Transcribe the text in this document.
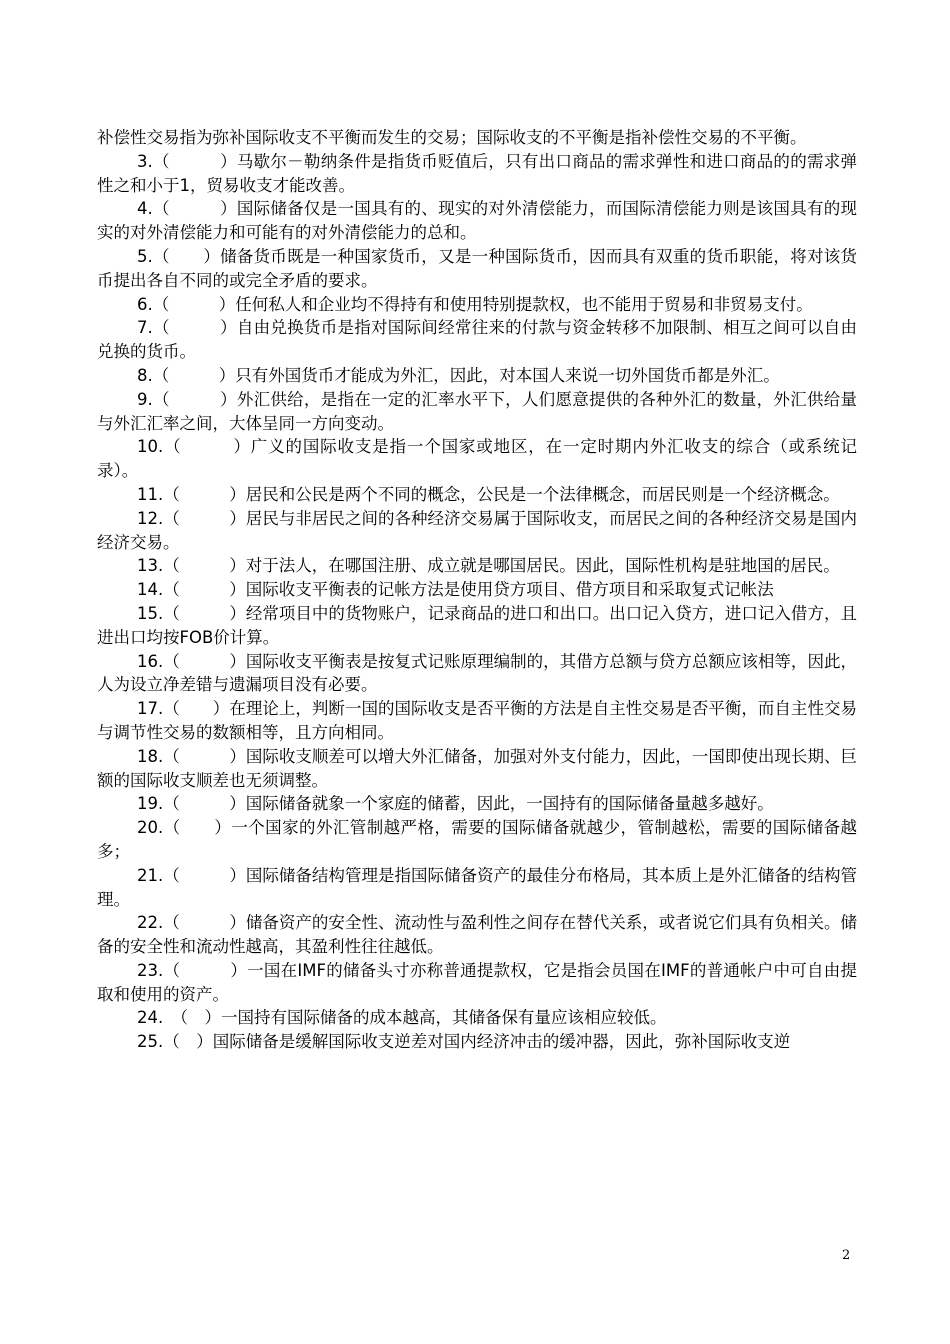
补偿性交易指为弥补国际收支不平衡而发生的交易；国际收支的不平衡是指补偿性交易的不平衡。

3.（　　　）马歇尔－勒纳条件是指货币贬值后，只有出口商品的需求弹性和进口商品的的需求弹性之和小于1，贸易收支才能改善。

4.（　　　）国际储备仅是一国具有的、现实的对外清偿能力，而国际清偿能力则是该国具有的现实的对外清偿能力和可能有的对外清偿能力的总和。

5.（　　）储备货币既是一种国家货币，又是一种国际货币，因而具有双重的货币职能，将对该货币提出各自不同的或完全矛盾的要求。

6.（　　　）任何私人和企业均不得持有和使用特别提款权，也不能用于贸易和非贸易支付。

7.（　　　）自由兑换货币是指对国际间经常往来的付款与资金转移不加限制、相互之间可以自由兑换的货币。

8.（　　　）只有外国货币才能成为外汇，因此，对本国人来说一切外国货币都是外汇。

9.（　　　）外汇供给，是指在一定的汇率水平下，人们愿意提供的各种外汇的数量，外汇供给量与外汇汇率之间，大体呈同一方向变动。

10.（　　　）广义的国际收支是指一个国家或地区，在一定时期内外汇收支的综合（或系统记录）。

11.（　　　）居民和公民是两个不同的概念，公民是一个法律概念，而居民则是一个经济概念。

12.（　　　）居民与非居民之间的各种经济交易属于国际收支，而居民之间的各种经济交易是国内经济交易。

13.（　　　）对于法人，在哪国注册、成立就是哪国居民。因此，国际性机构是驻地国的居民。

14.（　　　）国际收支平衡表的记帐方法是使用贷方项目、借方项目和采取复式记帐法

15.（　　　）经常项目中的货物账户，记录商品的进口和出口。出口记入贷方，进口记入借方，且进出口均按FOB价计算。

16.（　　　）国际收支平衡表是按复式记账原理编制的，其借方总额与贷方总额应该相等，因此，人为设立净差错与遗漏项目没有必要。

17.（　　）在理论上，判断一国的国际收支是否平衡的方法是自主性交易是否平衡，而自主性交易与调节性交易的数额相等，且方向相同。

18.（　　　）国际收支顺差可以增大外汇储备，加强对外支付能力，因此，一国即使出现长期、巨额的国际收支顺差也无须调整。

19.（　　　）国际储备就象一个家庭的储蓄，因此，一国持有的国际储备量越多越好。

20.（　　）一个国家的外汇管制越严格，需要的国际储备就越少，管制越松，需要的国际储备越多；

21.（　　　）国际储备结构管理是指国际储备资产的最佳分布格局，其本质上是外汇储备的结构管理。

22.（　　　）储备资产的安全性、流动性与盈利性之间存在替代关系，或者说它们具有负相关。储备的安全性和流动性越高，其盈利性往往越低。

23.（　　　）一国在IMF的储备头寸亦称普通提款权，它是指会员国在IMF的普通帐户中可自由提取和使用的资产。

24.　（　）一国持有国际储备的成本越高，其储备保有量应该相应较低。

25.（　）国际储备是缓解国际收支逆差对国内经济冲击的缓冲器，因此，弥补国际收支逆

2
